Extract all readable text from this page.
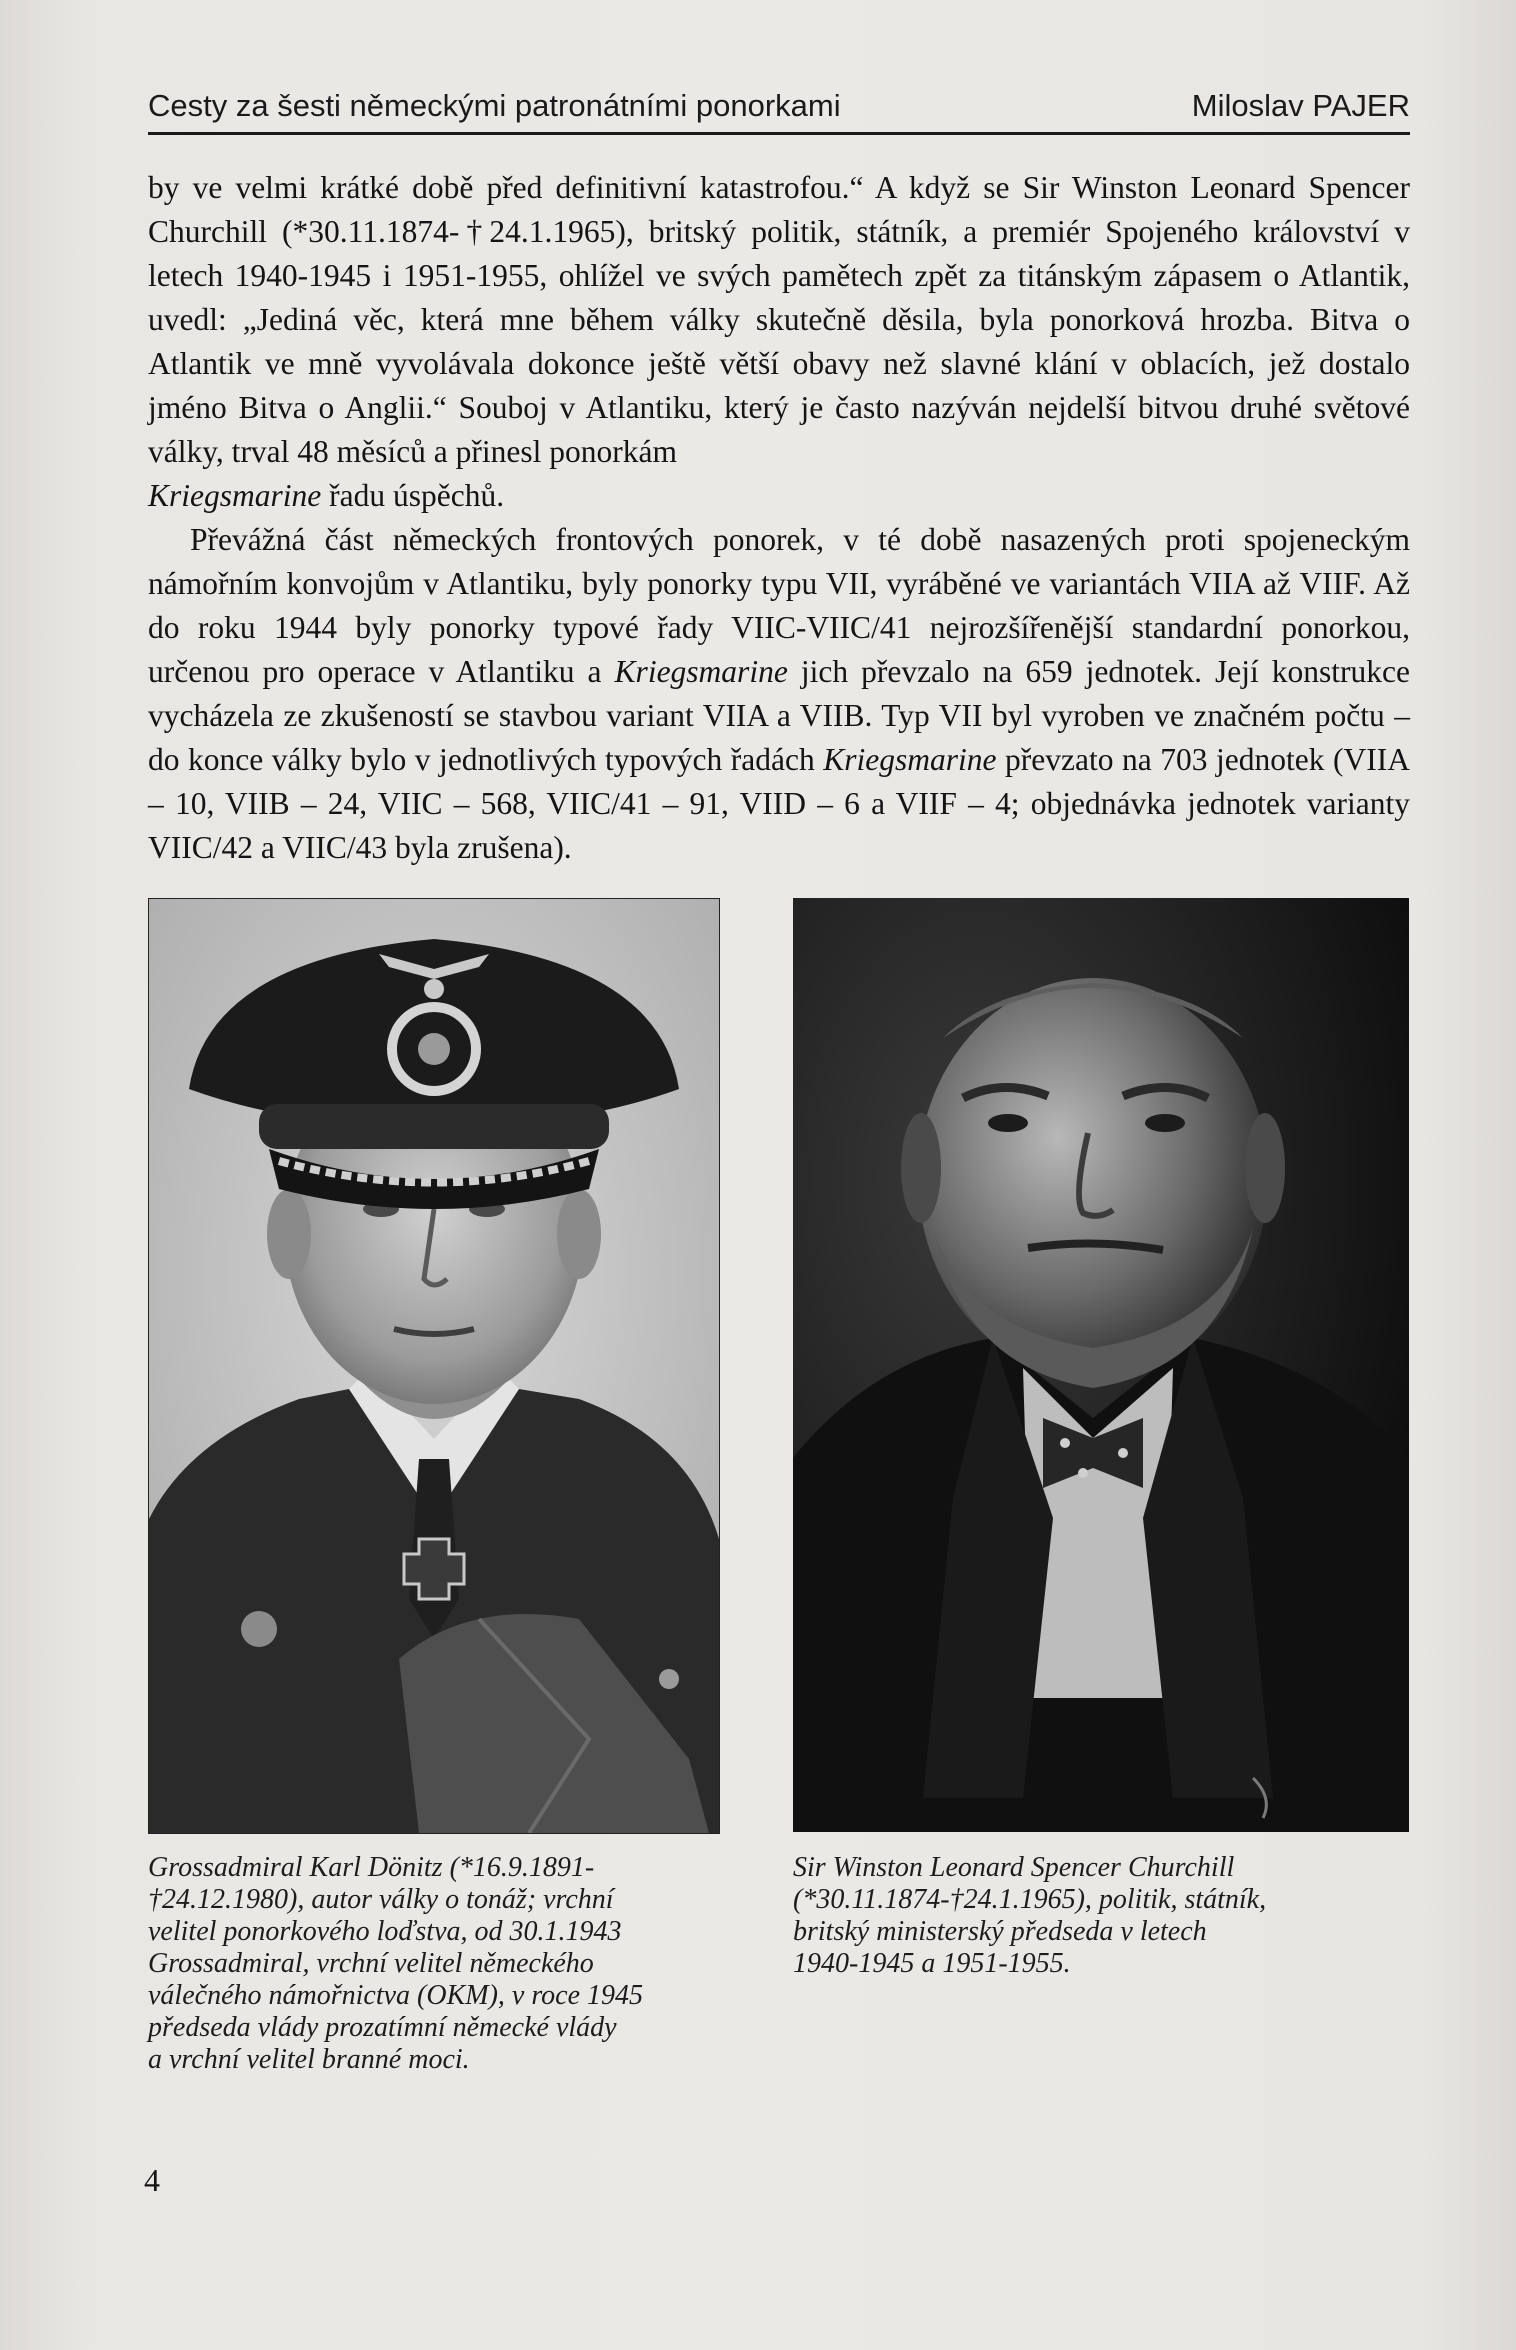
Cesty za šesti německými patronátními ponorkami	Miloslav PAJER

by ve velmi krátké době před definitivní katastrofou.“ A když se Sir Winston Leonard Spencer Churchill (*30.11.1874-†24.1.1965), britský politik, státník, a premiér Spojeného království v letech 1940-1945 i 1951-1955, ohlížel ve svých pamětech zpět za titánským zápasem o Atlantik, uvedl: „Jediná věc, která mne během války skutečně děsila, byla ponorková hrozba. Bitva o Atlantik ve mně vyvolávala dokonce ještě větší obavy než slavné klání v oblacích, jež dostalo jméno Bitva o Anglii.“ Souboj v Atlantiku, který je často nazýván nejdelší bitvou druhé světové války, trval 48 měsíců a přinesl ponorkám
Kriegsmarine řadu úspěchů.

Převážná část německých frontových ponorek, v té době nasazených proti spojeneckým námořním konvojům v Atlantiku, byly ponorky typu VII, vyráběné ve variantách VIIA až VIIF. Až do roku 1944 byly ponorky typové řady VIIC-VIIC/41 nejrozšířenější standardní ponorkou, určenou pro operace v Atlantiku a Kriegsmarine jich převzalo na 659 jednotek. Její konstrukce vycházela ze zkušeností se stavbou variant VIIA a VIIB. Typ VII byl vyroben ve značném počtu – do konce války bylo v jednotlivých typových řadách Kriegsmarine převzato na 703 jednotek (VIIA – 10, VIIB – 24, VIIC – 568, VIIC/41 – 91, VIID – 6 a VIIF – 4; objednávka jednotek varianty VIIC/42 a VIIC/43 byla zrušena).

Grossadmiral Karl Dönitz (*16.9.1891-
†24.12.1980), autor války o tonáž; vrchní
velitel ponorkového loďstva, od 30.1.1943
Grossadmiral, vrchní velitel německého
válečného námořnictva (OKM), v roce 1945
předseda vlády prozatímní německé vlády
a vrchní velitel branné moci.
Sir Winston Leonard Spencer Churchill
(*30.11.1874-†24.1.1965), politik, státník,
britský ministerský předseda v letech
1940-1945 a 1951-1955.
4
